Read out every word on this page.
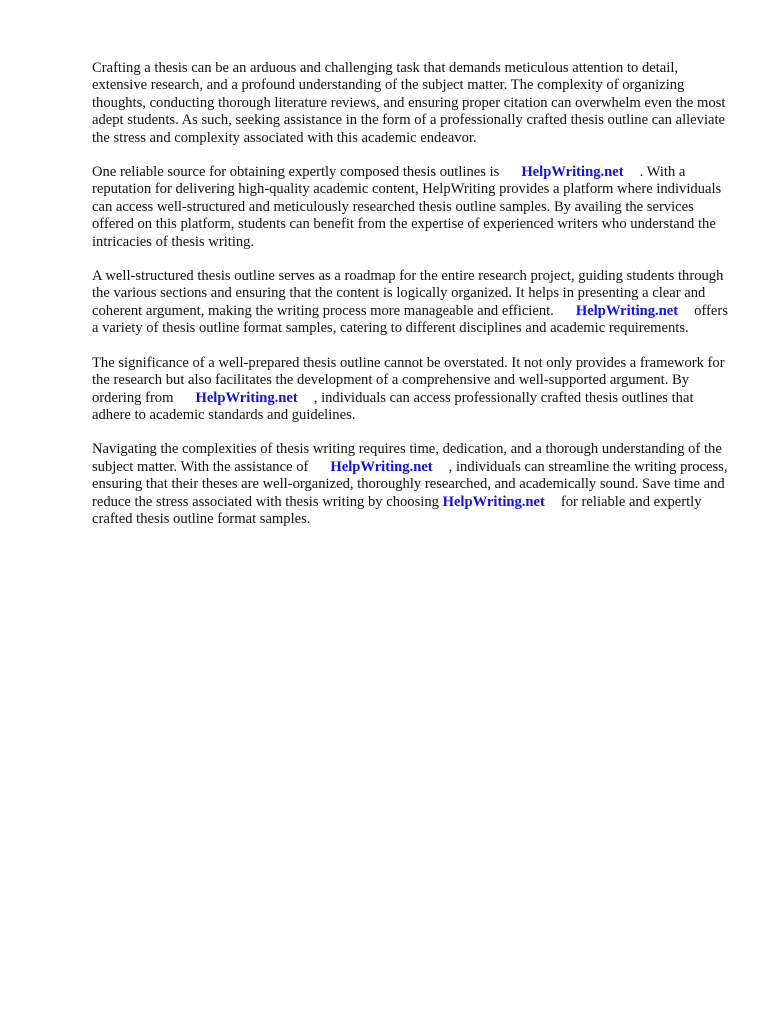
Crafting a thesis can be an arduous and challenging task that demands meticulous attention to detail, extensive research, and a profound understanding of the subject matter. The complexity of organizing thoughts, conducting thorough literature reviews, and ensuring proper citation can overwhelm even the most adept students. As such, seeking assistance in the form of a professionally crafted thesis outline can alleviate the stress and complexity associated with this academic endeavor.

One reliable source for obtaining expertly composed thesis outlines is HelpWriting.net . With a reputation for delivering high-quality academic content, HelpWriting provides a platform where individuals can access well-structured and meticulously researched thesis outline samples. By availing the services offered on this platform, students can benefit from the expertise of experienced writers who understand the intricacies of thesis writing.

A well-structured thesis outline serves as a roadmap for the entire research project, guiding students through the various sections and ensuring that the content is logically organized. It helps in presenting a clear and coherent argument, making the writing process more manageable and efficient. HelpWriting.net offers a variety of thesis outline format samples, catering to different disciplines and academic requirements.

The significance of a well-prepared thesis outline cannot be overstated. It not only provides a framework for the research but also facilitates the development of a comprehensive and well-supported argument. By ordering from HelpWriting.net , individuals can access professionally crafted thesis outlines that adhere to academic standards and guidelines.

Navigating the complexities of thesis writing requires time, dedication, and a thorough understanding of the subject matter. With the assistance of HelpWriting.net , individuals can streamline the writing process, ensuring that their theses are well-organized, thoroughly researched, and academically sound. Save time and reduce the stress associated with thesis writing by choosing HelpWriting.net for reliable and expertly crafted thesis outline format samples.
